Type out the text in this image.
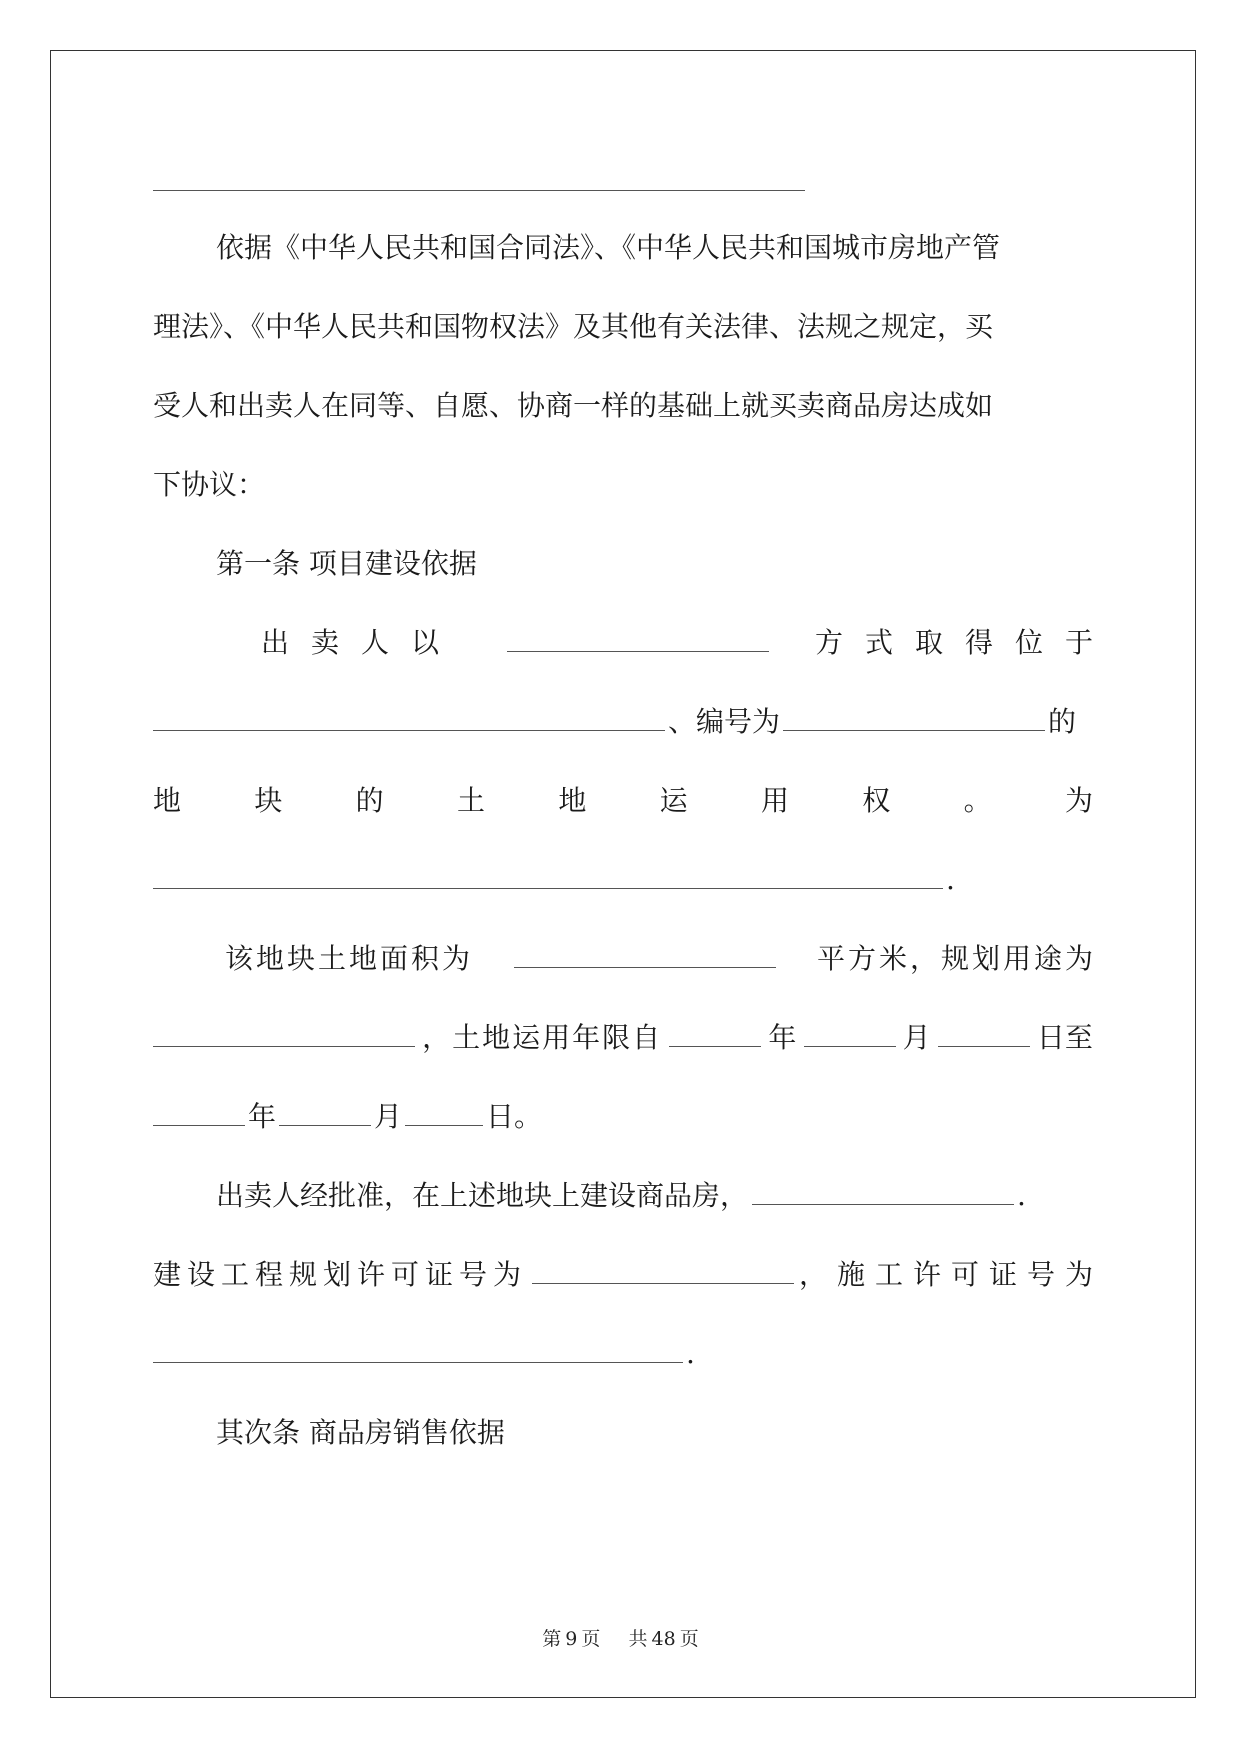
依据《中华人民共和国合同法》、《中华人民共和国城市房地产管
理法》、《中华人民共和国物权法》及其他有关法律、法规之规定，买
受人和出卖人在同等、自愿、协商一样的基础上就买卖商品房达成如
下协议：
第一条 项目建设依据
出卖人以	方式取得位于
、编号为	的
地	块	的	土	地	运	用	权	。	为
.
该地块土地面积为	平方米，规划用途为
，土地运用年限自	年	月	日至
年	月	日。
出卖人经批准，在上述地块上建设商品房，	.
建设工程规划许可证号为	，施工许可证号为
.
其次条 商品房销售依据
第 9 页 共 48 页
